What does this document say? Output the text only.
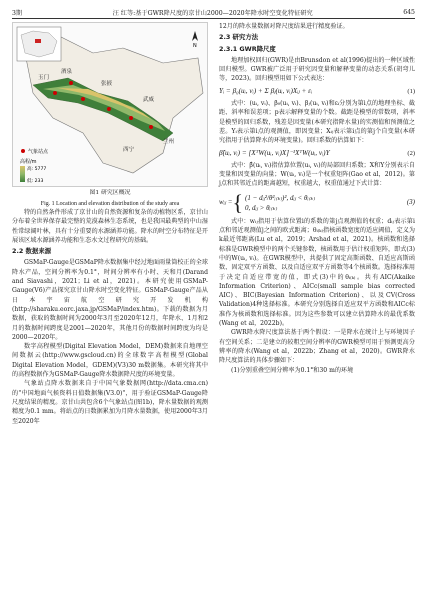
3期	汪 红等:基于GWR降尺度的京甘山2000—2020年降水时空变化特征研究	645
玉门
酒泉
张掖
武威
兰州
西宁
气象站点
高程/m
高: 5777
低: 233
N
图1 研究区概况
Fig. 1 Location and elevation distribution of the study area

特的自然条件形成了京甘山的自然资源和复杂的动植物区系，京甘山分布着全世界保存最完整的荒漠森林生态系统，也是我国最典型的中山湿性常绿阔叶林，具有十分重要的水源涵养功能。降水的时空分布特征是开展该区域水源涵养功能和生态水文过程研究的基础。

2.2 数据来源

GSMaP-Gauge是GSMaP降水数据集中经过地面雨量筒校正的全球降水产品，空间分辨率为0.1°，时间分辨率有小时、天和月(Darand and Siavashi，2021；Li et al，2021)。本研究使用GSMaP-Gauge(V6)产品探究京甘山降水时空变化特征。GSMaP-Gauge产品从日本宇宙航空研究开发机构(http://sharaku.eorc.jaxa.jp/GSMaP/index.htm)。下载的数据为月数据，获取的数据时间为2000年3月至2020年12月，年降水、1月和2月的数据时间跨度是2001—2020年，其他月份的数据时间跨度为均是2000—2020年。

数字高程模型(Digital Elevation Model，DEM)数据来自地理空间数据云(http://www.gscloud.cn)的全球数字高程模型(Global Digital Elevation Model，GDEM)(V3)30 m数据集。本研究将其中的高程数据作为GSMaP-Gauge降水数据降尺度的环境变量。

气象站点降水数据来自于中国气象数据网(http://data.cma.cn)的"中国地面气候资料日值数据集(V3.0)"，用于验证GSMaP-Gauge降尺度结果的精度。京甘山共包含6个气象站点(图1b)，降水量数据的观测精度为0.1 mm。将站点的日数据累加为月降水量数据，使用2000年3月至2020年

12月的降水量数据对降尺度结果进行精度验证。

2.3 研究方法
2.3.1 GWR降尺度

地理加权回归(GWR)是由Brunsdon et al(1996)提出的一种区域性回归模型。GWR被广泛用于研究因变量和解释变量的动态关系(胡弯儿等，2023)。回归模型用如下公式表达：

Yᵢ = β₀(uᵢ, vᵢ) + Σ βⱼ(uᵢ, vᵢ)Xᵢⱼ + εᵢ	(1)

式中：(uᵢ, vᵢ)、β₀(uᵢ, vᵢ)、βⱼ(uᵢ, vᵢ)和εᵢ分别为第i点的地理坐标、截距、斜率和误差项；p表示解释变量的个数。截距是模型的常数项，斜率是模型的回归系数，残差是因变量(本研究指降水量)的实测值和预测值之差。Yᵢ表示第i点的观测值，即因变量；Xᵢⱼ表示第i点的第j个自变量(本研究指用于估算降水的环境变量)。回归系数的估算如下：

β̂(uᵢ, vᵢ) = [XᵀW(uᵢ, vᵢ)X]⁻¹XᵀW(uᵢ, vᵢ)Y	(2)

式中：β̂(uᵢ, vᵢ)指估算位置(uᵢ, vᵢ)的局部回归系数；X和Y分别表示自变量和因变量的向量；W(uᵢ, vᵢ)是一个权重矩阵(Gao et al，2012)。第j点和其邻近点的距离越短，权重越大，权重值通过下式计算：

wᵢⱼ = { (1 − dᵢⱼ²/θ²ᵢ₍ₖ₎)², dᵢⱼ < θᵢ₍ₖ₎
0, dᵢⱼ > θᵢ₍ₖ₎
(3)

式中：wᵢⱼ指用于估算位置i的系数的第j点观测值的权重；dᵢⱼ表示第i点和邻近观测值j之间的欧式距离；θᵢ₍ₖ₎指核函数宽度的适应阈值，定义为k最近邻距离(Lu et al，2019；Arshad et al，2021)。核函数和选择标准是GWR模型中的两个关键参数，核函数用于估计权重矩阵，即式(3)中的W(uᵢ, vᵢ)。在GWR模型中，共提供了固定高斯函数、自适应高斯函数、固定双平方函数、以及自适应双平方函数等4个核函数。选择标准用于决定自适应带宽的值，即式(3)中的θᵢ₍ₖ₎。共有AIC(Akaike Information Criterion)、AICc(small sample bias corrected AIC)、BIC(Bayesian Information Criterion)、以及CV(Cross Validation)4种选择标准。本研究分别选择自适应双平方函数和AICc标准作为核函数和选择标准。因为这些参数可以建立估算降水的最优系数(Wang et al，2022b)。

GWR降水降尺度算法基于两个假设：一是降水在统计上与环境因子有空间关系；二是建立的较粗空间分辨率的GWR模型可用于预测更高分辨率的降水(Wang et al，2022b；Zhang et al，2020)。GWR降水降尺度算法的具体步骤如下：

(1)分别重叠空间分辨率为0.1°和30 m的环境
